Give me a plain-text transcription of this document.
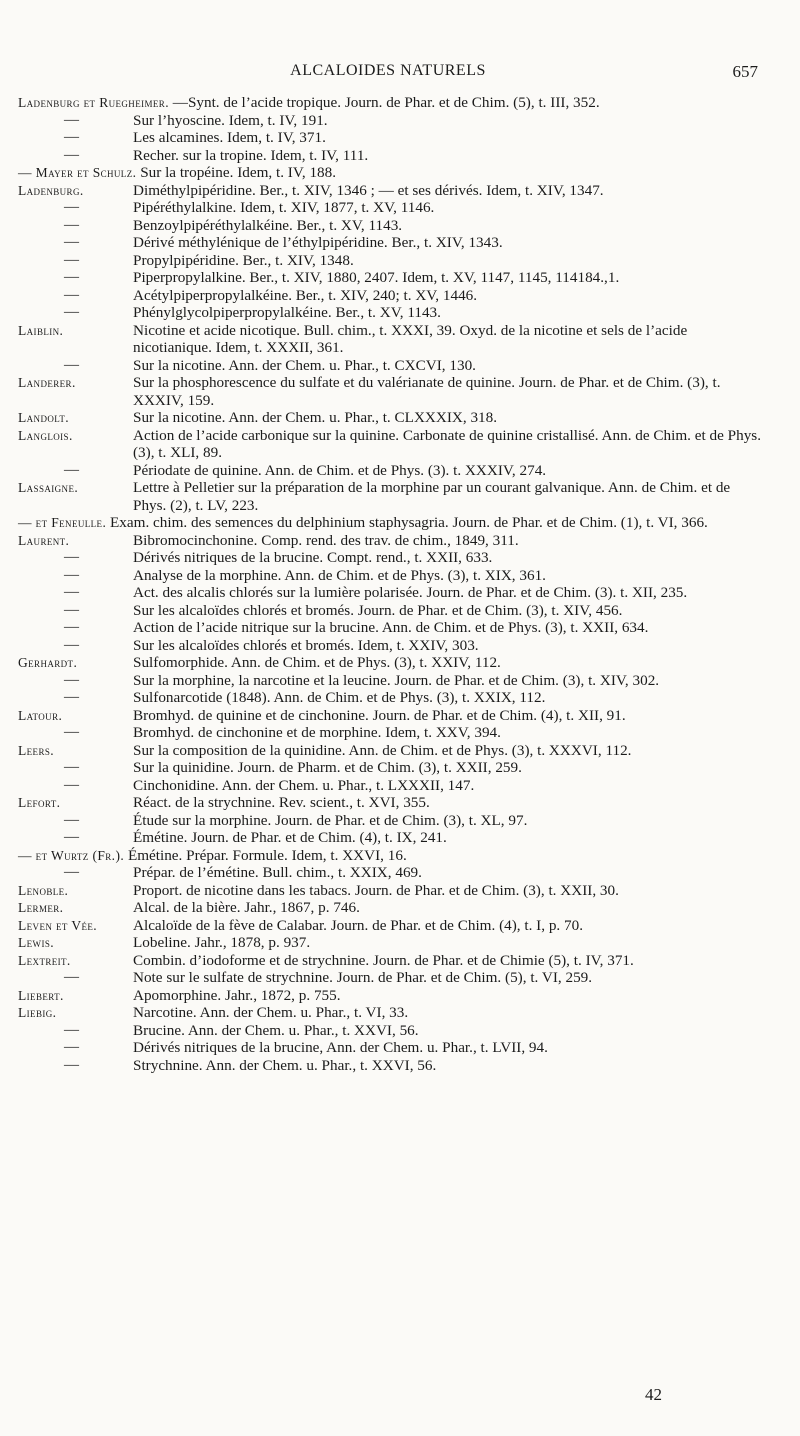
ALCALOIDES NATURELS	657
Ladenburg et Ruegheimer. —Synt. de l’acide tropique. Journ. de Phar. et de Chim. (5), t. III, 352.
—	Sur l’hyoscine. Idem, t. IV, 191.
—	Les alcamines. Idem, t. IV, 371.
—	Recher. sur la tropine. Idem, t. IV, 111.
— Mayer et Schulz. Sur la tropéine. Idem, t. IV, 188.
Ladenburg.	Diméthylpipéridine. Ber., t. XIV, 1346 ; — et ses dérivés. Idem, t. XIV, 1347.
—	Pipéréthylalkine. Idem, t. XIV, 1877, t. XV, 1146.
—	Benzoylpipéréthylalkéine. Ber., t. XV, 1143.
—	Dérivé méthylénique de l’éthylpipéridine. Ber., t. XIV, 1343.
—	Propylpipéridine. Ber., t. XIV, 1348.
—	Piperpropylalkine. Ber., t. XIV, 1880, 2407. Idem, t. XV, 1147, 1145, 114184.,1.
—	Acétylpiperpropylalkéine. Ber., t. XIV, 240; t. XV, 1446.
—	Phénylglycolpiperpropylalkéine. Ber., t. XV, 1143.
Laiblin.	Nicotine et acide nicotique. Bull. chim., t. XXXI, 39. Oxyd. de la nicotine et sels de l’acide nicotianique. Idem, t. XXXII, 361.
—	Sur la nicotine. Ann. der Chem. u. Phar., t. CXCVI, 130.
Landerer.	Sur la phosphorescence du sulfate et du valérianate de quinine. Journ. de Phar. et de Chim. (3), t. XXXIV, 159.
Landolt.	Sur la nicotine. Ann. der Chem. u. Phar., t. CLXXXIX, 318.
Langlois.	Action de l’acide carbonique sur la quinine. Carbonate de quinine cristallisé. Ann. de Chim. et de Phys. (3), t. XLI, 89.
—	Périodate de quinine. Ann. de Chim. et de Phys. (3). t. XXXIV, 274.
Lassaigne.	Lettre à Pelletier sur la préparation de la morphine par un courant galvanique. Ann. de Chim. et de Phys. (2), t. LV, 223.
— et Feneulle. Exam. chim. des semences du delphinium staphysagria. Journ. de Phar. et de Chim. (1), t. VI, 366.
Laurent.	Bibromocinchonine. Comp. rend. des trav. de chim., 1849, 311.
—	Dérivés nitriques de la brucine. Compt. rend., t. XXII, 633.
—	Analyse de la morphine. Ann. de Chim. et de Phys. (3), t. XIX, 361.
—	Act. des alcalis chlorés sur la lumière polarisée. Journ. de Phar. et de Chim. (3). t. XII, 235.
—	Sur les alcaloïdes chlorés et bromés. Journ. de Phar. et de Chim. (3), t. XIV, 456.
—	Action de l’acide nitrique sur la brucine. Ann. de Chim. et de Phys. (3), t. XXII, 634.
—	Sur les alcaloïdes chlorés et bromés. Idem, t. XXIV, 303.
Gerhardt.	Sulfomorphide. Ann. de Chim. et de Phys. (3), t. XXIV, 112.
—	Sur la morphine, la narcotine et la leucine. Journ. de Phar. et de Chim. (3), t. XIV, 302.
—	Sulfonarcotide (1848). Ann. de Chim. et de Phys. (3), t. XXIX, 112.
Latour.	Bromhyd. de quinine et de cinchonine. Journ. de Phar. et de Chim. (4), t. XII, 91.
—	Bromhyd. de cinchonine et de morphine. Idem, t. XXV, 394.
Leers.	Sur la composition de la quinidine. Ann. de Chim. et de Phys. (3), t. XXXVI, 112.
—	Sur la quinidine. Journ. de Pharm. et de Chim. (3), t. XXII, 259.
—	Cinchonidine. Ann. der Chem. u. Phar., t. LXXXII, 147.
Lefort.	Réact. de la strychnine. Rev. scient., t. XVI, 355.
—	Étude sur la morphine. Journ. de Phar. et de Chim. (3), t. XL, 97.
—	Émétine. Journ. de Phar. et de Chim. (4), t. IX, 241.
— et Wurtz (Fr.). Émétine. Prépar. Formule. Idem, t. XXVI, 16.
—	Prépar. de l’émétine. Bull. chim., t. XXIX, 469.
Lenoble.	Proport. de nicotine dans les tabacs. Journ. de Phar. et de Chim. (3), t. XXII, 30.
Lermer.	Alcal. de la bière. Jahr., 1867, p. 746.
Leven et Vée. Alcaloïde de la fève de Calabar. Journ. de Phar. et de Chim. (4), t. I, p. 70.
Lewis.	Lobeline. Jahr., 1878, p. 937.
Lextreit.	Combin. d’iodoforme et de strychnine. Journ. de Phar. et de Chimie (5), t. IV, 371.
—	Note sur le sulfate de strychnine. Journ. de Phar. et de Chim. (5), t. VI, 259.
Liebert.	Apomorphine. Jahr., 1872, p. 755.
Liebig.	Narcotine. Ann. der Chem. u. Phar., t. VI, 33.
—	Brucine. Ann. der Chem. u. Phar., t. XXVI, 56.
—	Dérivés nitriques de la brucine, Ann. der Chem. u. Phar., t. LVII, 94.
—	Strychnine. Ann. der Chem. u. Phar., t. XXVI, 56.
42
